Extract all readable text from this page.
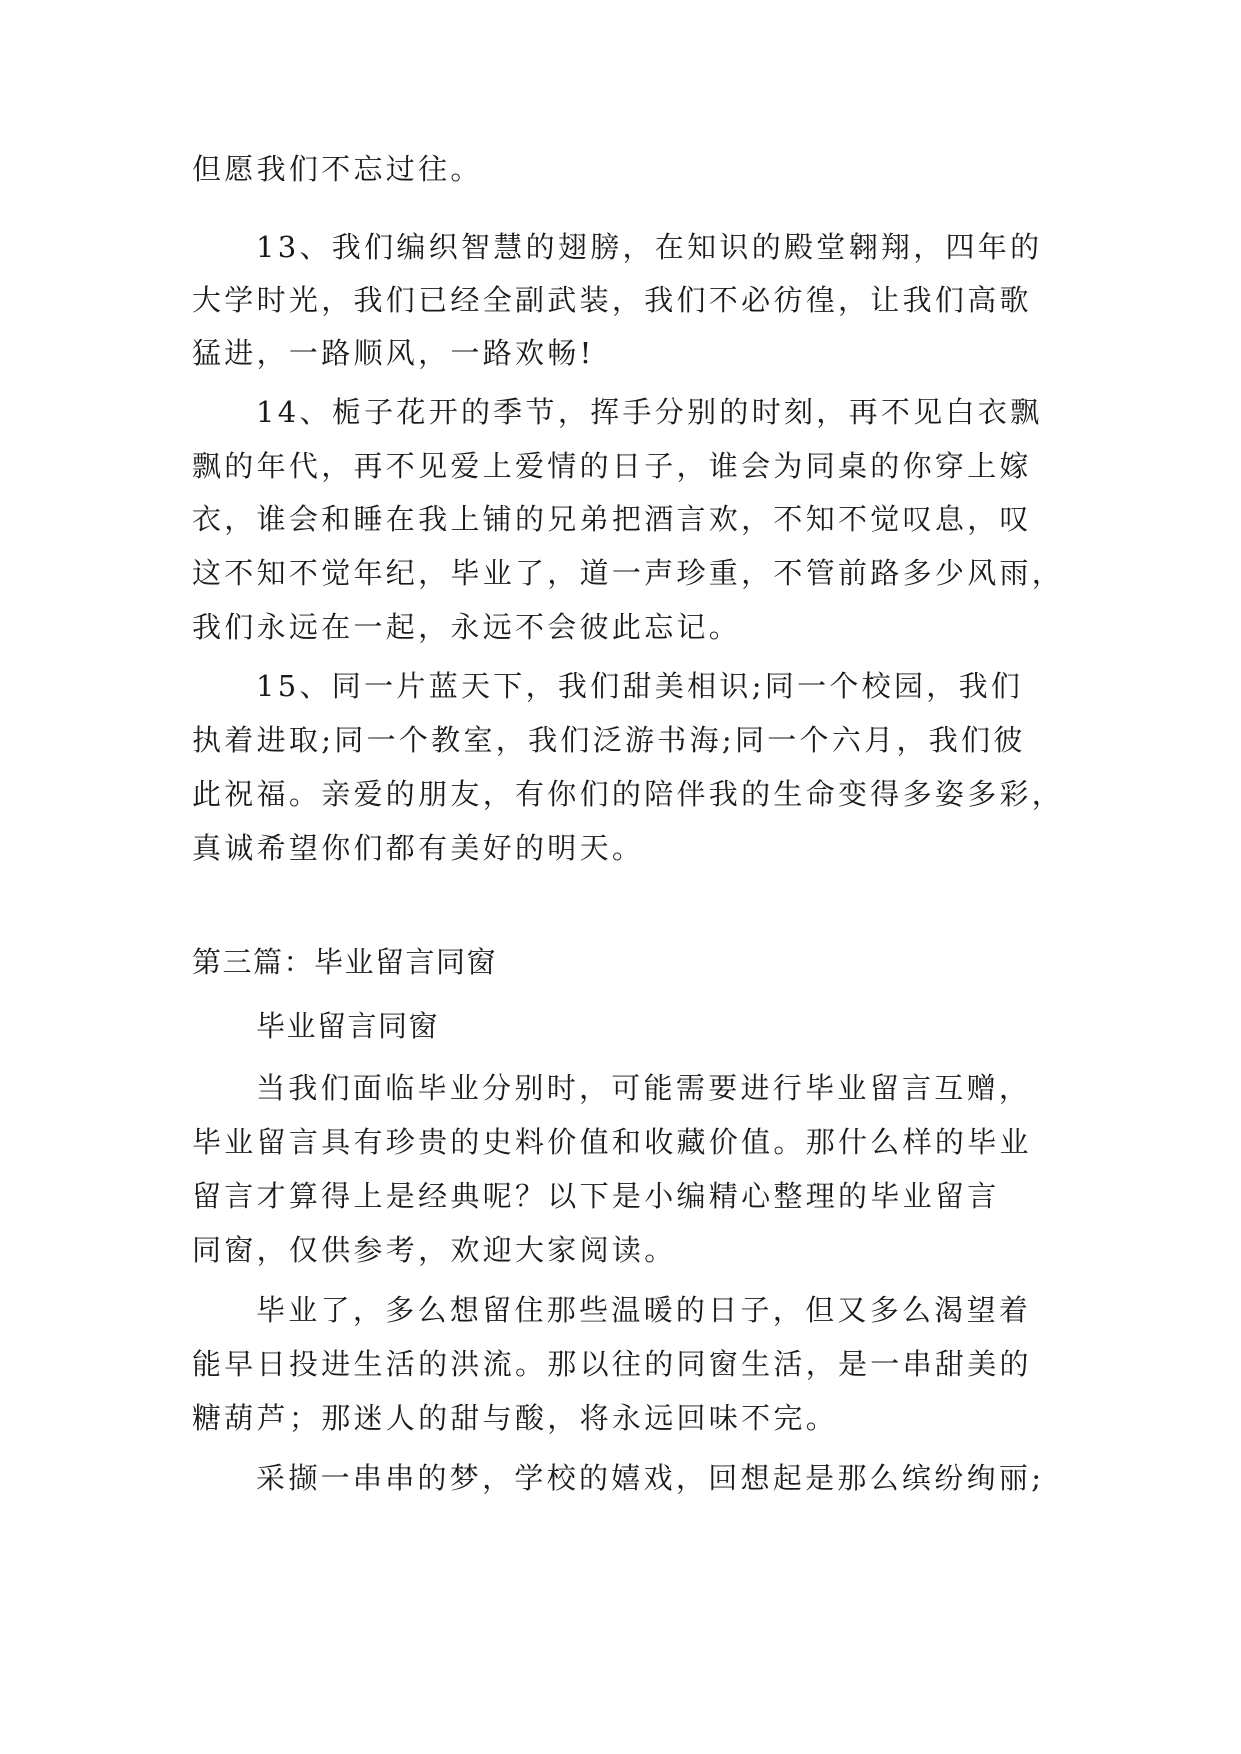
但愿我们不忘过往。

13、我们编织智慧的翅膀，在知识的殿堂翱翔，四年的

大学时光，我们已经全副武装，我们不必彷徨，让我们高歌

猛进，一路顺风，一路欢畅!

14、栀子花开的季节，挥手分别的时刻，再不见白衣飘

飘的年代，再不见爱上爱情的日子，谁会为同桌的你穿上嫁

衣，谁会和睡在我上铺的兄弟把酒言欢，不知不觉叹息，叹

这不知不觉年纪，毕业了，道一声珍重，不管前路多少风雨，

我们永远在一起，永远不会彼此忘记。

15、同一片蓝天下，我们甜美相识;同一个校园，我们

执着进取;同一个教室，我们泛游书海;同一个六月，我们彼

此祝福。亲爱的朋友，有你们的陪伴我的生命变得多姿多彩，

真诚希望你们都有美好的明天。

第三篇：毕业留言同窗

毕业留言同窗

当我们面临毕业分别时，可能需要进行毕业留言互赠，

毕业留言具有珍贵的史料价值和收藏价值。那什么样的毕业

留言才算得上是经典呢？以下是小编精心整理的毕业留言

同窗，仅供参考，欢迎大家阅读。

毕业了，多么想留住那些温暖的日子，但又多么渴望着

能早日投进生活的洪流。那以往的同窗生活，是一串甜美的

糖葫芦；那迷人的甜与酸，将永远回味不完。

采撷一串串的梦，学校的嬉戏，回想起是那么缤纷绚丽;
